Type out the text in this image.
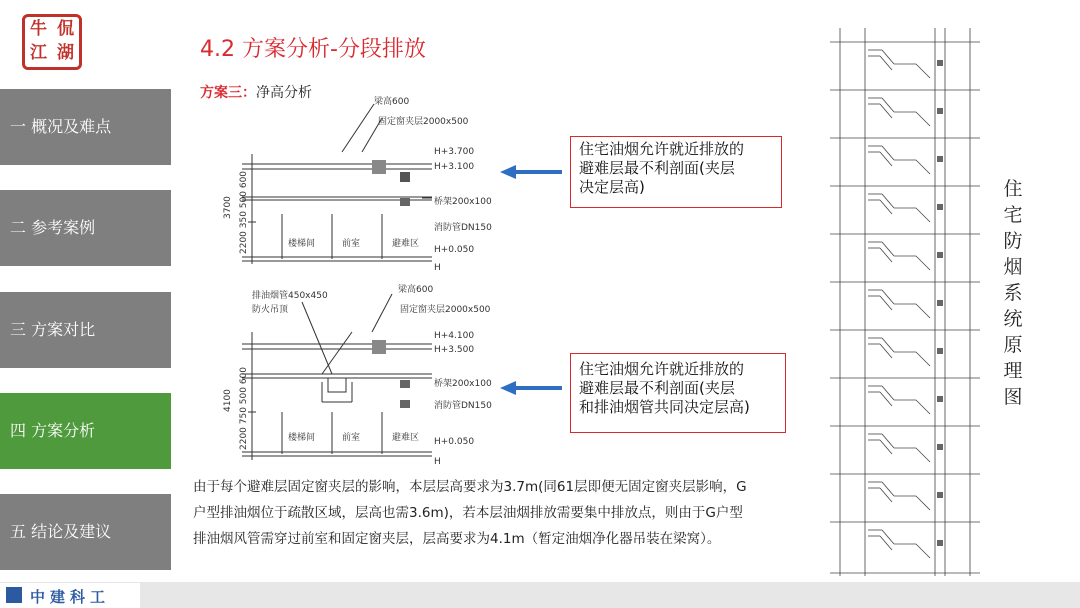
牛 侃
江 湖
一 概况及难点
二 参考案例
三 方案对比
四 方案分析
五 结论及建议
4.2 方案分析-分段排放
方案三：净高分析
3700 2200 350 500 600
梁高600
固定窗夹层2000x500
H+3.700
H+3.100
桥架200x100
消防管DN150
H+0.050
H
楼梯间	前室	避难区
4100 2200 750 500 600
排油烟管450x450
防火吊顶
梁高600
固定窗夹层2000x500
H+4.100
H+3.500
桥架200x100
消防管DN150
H+0.050
H
楼梯间	前室	避难区
住宅油烟允许就近排放的
避难层最不利剖面(夹层
决定层高)
住宅油烟允许就近排放的
避难层最不利剖面(夹层
和排油烟管共同决定层高)
由于每个避难层固定窗夹层的影响，本层层高要求为3.7m(同61层即便无固定窗夹层影响，G
户型排油烟位于疏散区域，层高也需3.6m)，若本层油烟排放需要集中排放点，则由于G户型
排油烟风管需穿过前室和固定窗夹层，层高要求为4.1m（暂定油烟净化器吊装在梁窝）。
住
宅
防
烟
系
统
原
理
图
中建科工
